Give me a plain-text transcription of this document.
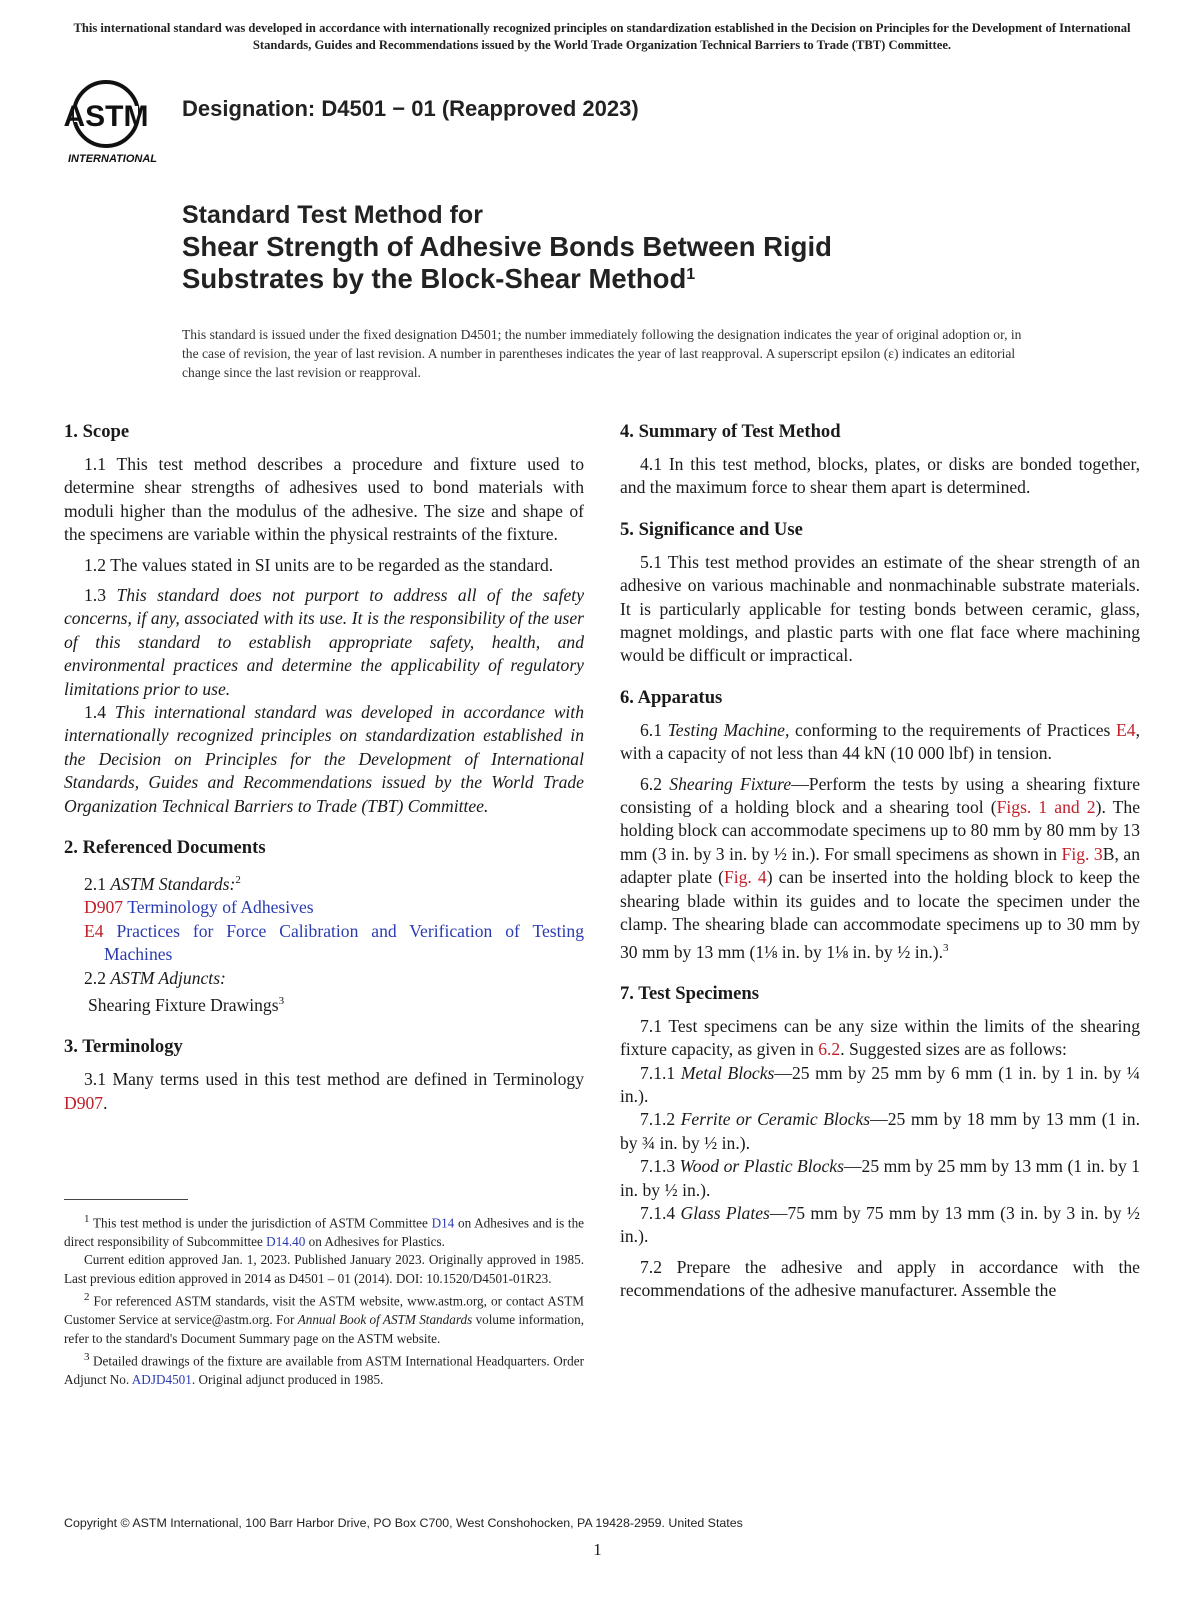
This international standard was developed in accordance with internationally recognized principles on standardization established in the Decision on Principles for the Development of International Standards, Guides and Recommendations issued by the World Trade Organization Technical Barriers to Trade (TBT) Committee.
ASTM
INTERNATIONAL
Designation: D4501 − 01 (Reapproved 2023)
Standard Test Method for
Shear Strength of Adhesive Bonds Between Rigid
Substrates by the Block-Shear Method$^1$
This standard is issued under the fixed designation D4501; the number immediately following the designation indicates the year of original adoption or, in the case of revision, the year of last revision. A number in parentheses indicates the year of last reapproval. A superscript epsilon (ε) indicates an editorial change since the last revision or reapproval.
1. Scope

1.1 This test method describes a procedure and fixture used to determine shear strengths of adhesives used to bond materials with moduli higher than the modulus of the adhesive. The size and shape of the specimens are variable within the physical restraints of the fixture.

1.2 The values stated in SI units are to be regarded as the standard.

1.3 This standard does not purport to address all of the safety concerns, if any, associated with its use. It is the responsibility of the user of this standard to establish appropriate safety, health, and environmental practices and determine the applicability of regulatory limitations prior to use.

1.4 This international standard was developed in accordance with internationally recognized principles on standardization established in the Decision on Principles for the Development of International Standards, Guides and Recommendations issued by the World Trade Organization Technical Barriers to Trade (TBT) Committee.

2. Referenced Documents

2.1 ASTM Standards:$^2$

D907 Terminology of Adhesives

E4 Practices for Force Calibration and Verification of Testing Machines

2.2 ASTM Adjuncts:

Shearing Fixture Drawings$^3$

3. Terminology

3.1 Many terms used in this test method are defined in Terminology D907.

$^1$ This test method is under the jurisdiction of ASTM Committee D14 on Adhesives and is the direct responsibility of Subcommittee D14.40 on Adhesives for Plastics.

Current edition approved Jan. 1, 2023. Published January 2023. Originally approved in 1985. Last previous edition approved in 2014 as D4501 – 01 (2014). DOI: 10.1520/D4501-01R23.

$^2$ For referenced ASTM standards, visit the ASTM website, www.astm.org, or contact ASTM Customer Service at service@astm.org. For Annual Book of ASTM Standards volume information, refer to the standard's Document Summary page on the ASTM website.

$^3$ Detailed drawings of the fixture are available from ASTM International Headquarters. Order Adjunct No. ADJD4501. Original adjunct produced in 1985.

4. Summary of Test Method

4.1 In this test method, blocks, plates, or disks are bonded together, and the maximum force to shear them apart is determined.

5. Significance and Use

5.1 This test method provides an estimate of the shear strength of an adhesive on various machinable and nonmachinable substrate materials. It is particularly applicable for testing bonds between ceramic, glass, magnet moldings, and plastic parts with one flat face where machining would be difficult or impractical.

6. Apparatus

6.1 Testing Machine, conforming to the requirements of Practices E4, with a capacity of not less than 44 kN (10 000 lbf) in tension.

6.2 Shearing Fixture—Perform the tests by using a shearing fixture consisting of a holding block and a shearing tool (Figs. 1 and 2). The holding block can accommodate specimens up to 80 mm by 80 mm by 13 mm (3 in. by 3 in. by ½ in.). For small specimens as shown in Fig. 3B, an adapter plate (Fig. 4) can be inserted into the holding block to keep the shearing blade within its guides and to locate the specimen under the clamp. The shearing blade can accommodate specimens up to 30 mm by 30 mm by 13 mm (1⅛ in. by 1⅛ in. by ½ in.).$^3$

7. Test Specimens

7.1 Test specimens can be any size within the limits of the shearing fixture capacity, as given in 6.2. Suggested sizes are as follows:

7.1.1 Metal Blocks—25 mm by 25 mm by 6 mm (1 in. by 1 in. by ¼ in.).

7.1.2 Ferrite or Ceramic Blocks—25 mm by 18 mm by 13 mm (1 in. by ¾ in. by ½ in.).

7.1.3 Wood or Plastic Blocks—25 mm by 25 mm by 13 mm (1 in. by 1 in. by ½ in.).

7.1.4 Glass Plates—75 mm by 75 mm by 13 mm (3 in. by 3 in. by ½ in.).

7.2 Prepare the adhesive and apply in accordance with the recommendations of the adhesive manufacturer. Assemble the

Copyright © ASTM International, 100 Barr Harbor Drive, PO Box C700, West Conshohocken, PA 19428-2959. United States
1
